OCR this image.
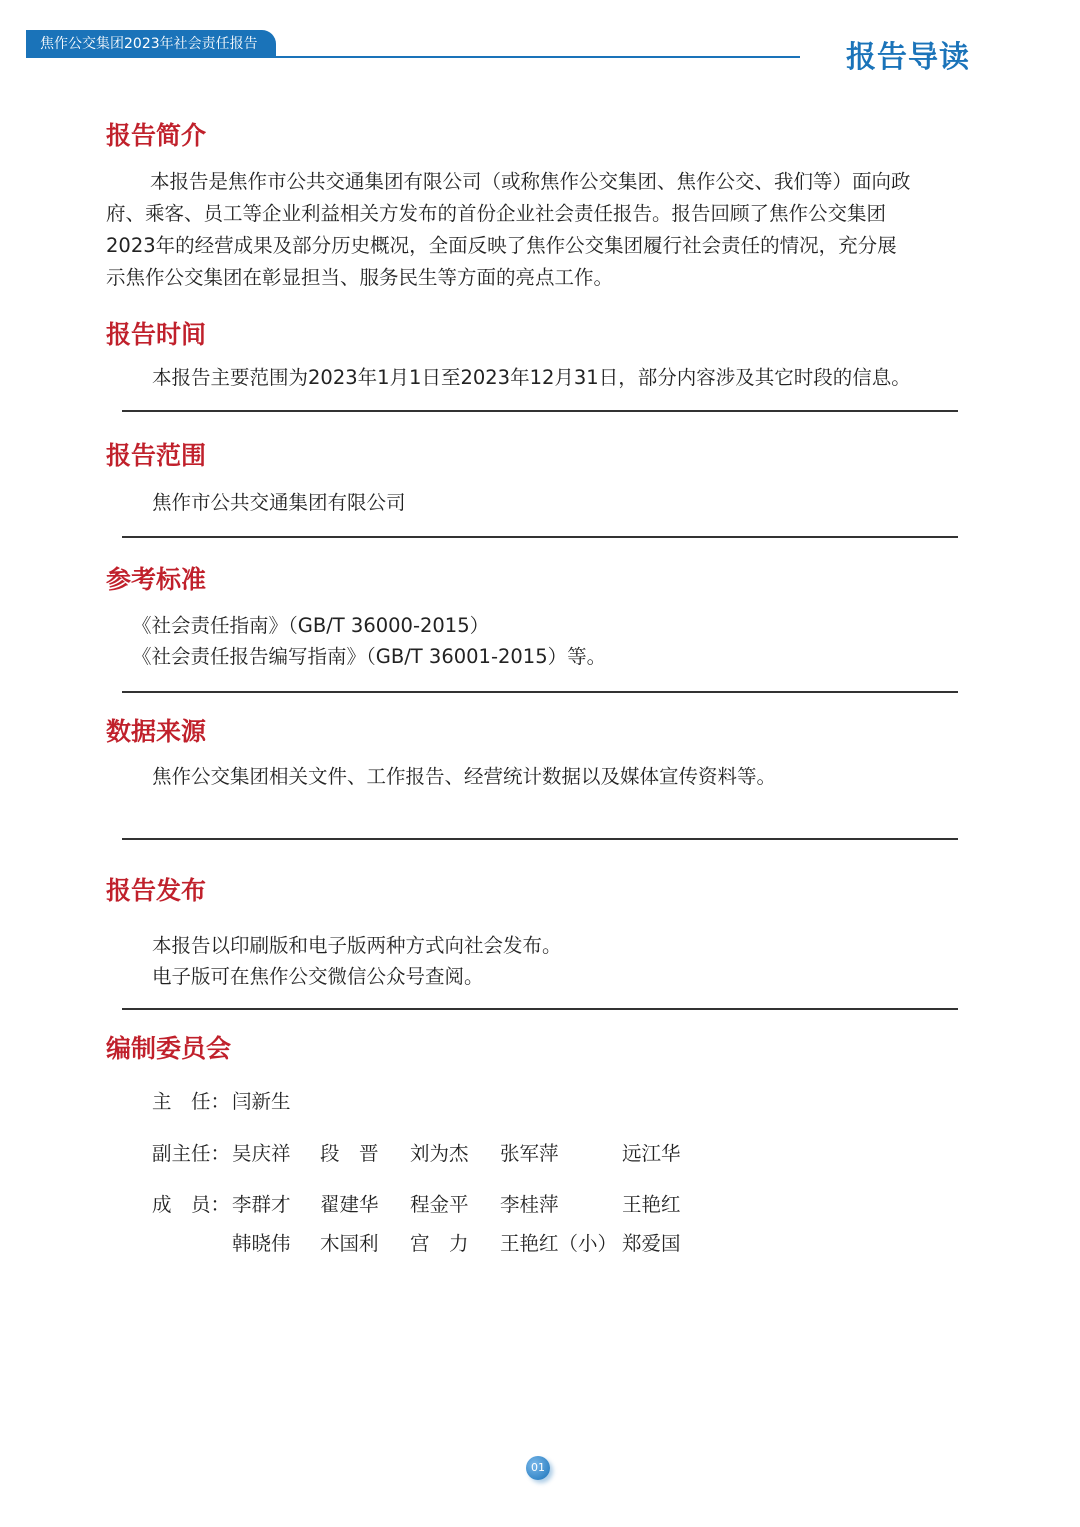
焦作公交集团2023年社会责任报告	报告导读
报告简介
本报告是焦作市公共交通集团有限公司（或称焦作公交集团、焦作公交、我们等）面向政
府、乘客、员工等企业利益相关方发布的首份企业社会责任报告。报告回顾了焦作公交集团
2023年的经营成果及部分历史概况，全面反映了焦作公交集团履行社会责任的情况，充分展
示焦作公交集团在彰显担当、服务民生等方面的亮点工作。
报告时间
本报告主要范围为2023年1月1日至2023年12月31日，部分内容涉及其它时段的信息。
报告范围
焦作市公共交通集团有限公司
参考标准
《社会责任指南》（GB/T 36000-2015）
《社会责任报告编写指南》（GB/T 36001-2015）等。
数据来源
焦作公交集团相关文件、工作报告、经营统计数据以及媒体宣传资料等。
报告发布
本报告以印刷版和电子版两种方式向社会发布。
电子版可在焦作公交微信公众号查阅。
编制委员会
主　任： 闫新生
副主任： 吴庆祥 段　晋 刘为杰 张军萍	远江华
成　员： 李群才 翟建华 程金平 李桂萍	王艳红
韩晓伟 木国利 宫　力 王艳红（小） 郑爱国
01
